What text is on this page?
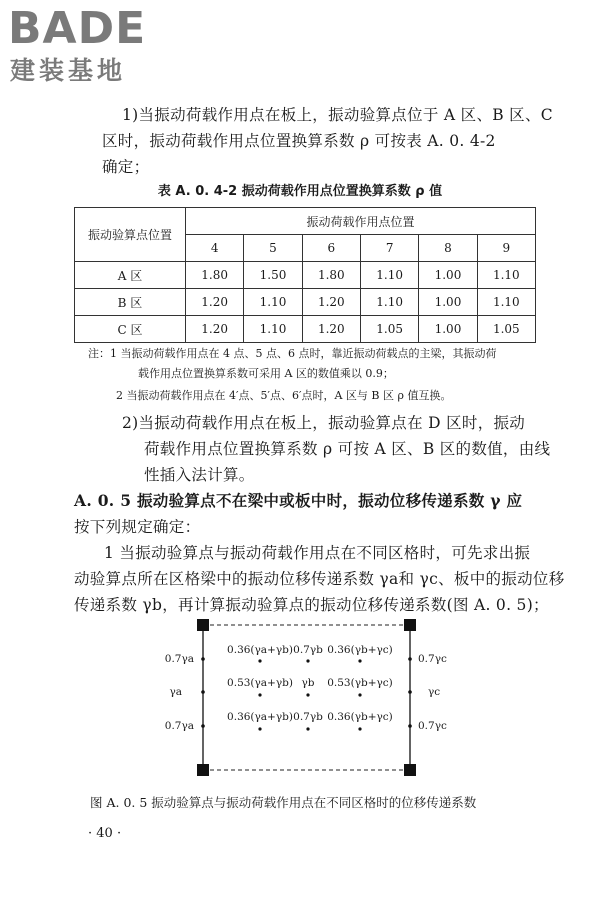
BADE
建装基地
1)当振动荷载作用点在板上，振动验算点位于 A 区、B 区、C
区时，振动荷载作用点位置换算系数 ρ 可按表 A. 0. 4-2
确定；
表 A. 0. 4-2 振动荷载作用点位置换算系数 ρ 值
振动验算点位置	振动荷载作用点位置					
	4	5	6	7	8	9
A 区	1.80	1.50	1.80	1.10	1.00	1.10
B 区	1.20	1.10	1.20	1.10	1.00	1.10
C 区	1.20	1.10	1.20	1.05	1.00	1.05
注：1 当振动荷载作用点在 4 点、5 点、6 点时，靠近振动荷载点的主梁，其振动荷
载作用点位置换算系数可采用 A 区的数值乘以 0.9；
2 当振动荷载作用点在 4′点、5′点、6′点时，A 区与 B 区 ρ 值互换。
2)当振动荷载作用点在板上，振动验算点在 D 区时，振动
荷载作用点位置换算系数 ρ 可按 A 区、B 区的数值，由线
性插入法计算。
A. 0. 5 振动验算点不在梁中或板中时，振动位移传递系数 γ 应
按下列规定确定：
1 当振动验算点与振动荷载作用点在不同区格时，可先求出振
动验算点所在区格梁中的振动位移传递系数 γa和 γc、板中的振动位移
传递系数 γb，再计算振动验算点的振动位移传递系数(图 A. 0. 5)；
0.7γa
γa
0.7γa
0.7γc
γc
0.7γc
0.36(γa+γb) 0.7γb 0.36(γb+γc)
0.53(γa+γb) γb 0.53(γb+γc)
0.36(γa+γb) 0.7γb 0.36(γb+γc)
图 A. 0. 5 振动验算点与振动荷载作用点在不同区格时的位移传递系数
· 40 ·
